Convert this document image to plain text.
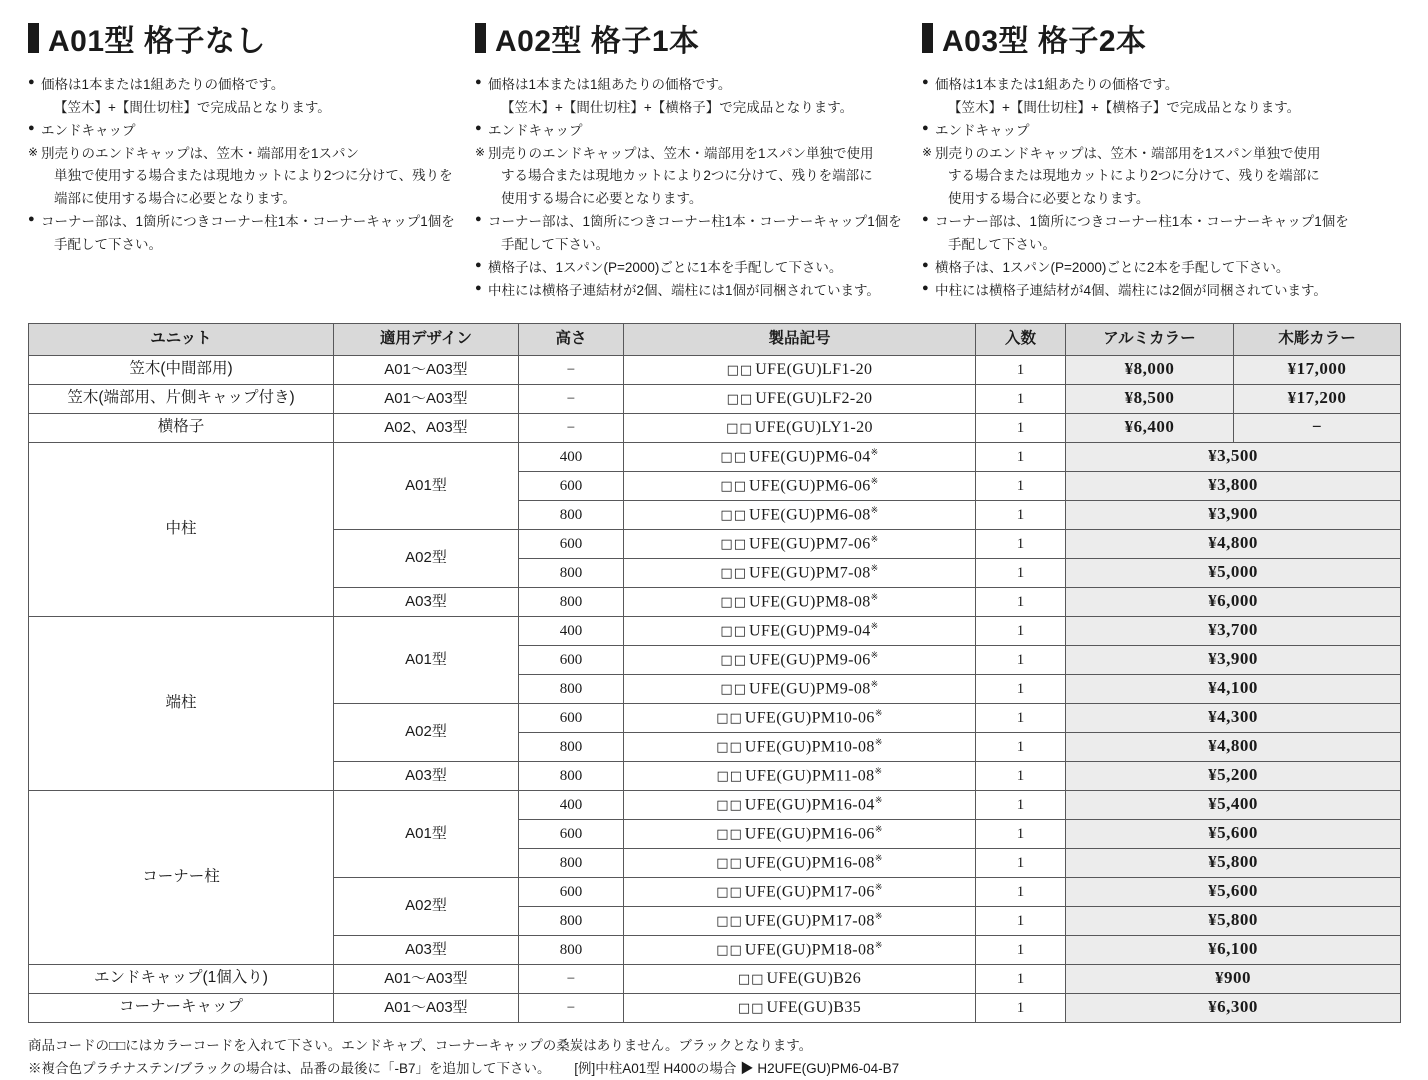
A01型 格子なし
● 価格は1本または1組あたりの価格です。
【笠木】+【間仕切柱】で完成品となります。
● エンドキャップ
※ 別売りのエンドキャップは、笠木・端部用を1スパン
単独で使用する場合または現地カットにより2つに分けて、残りを
端部に使用する場合に必要となります。
● コーナー部は、1箇所につきコーナー柱1本・コーナーキャップ1個を
手配して下さい。
A02型 格子1本
● 価格は1本または1組あたりの価格です。
【笠木】+【間仕切柱】+【横格子】で完成品となります。
● エンドキャップ
※ 別売りのエンドキャップは、笠木・端部用を1スパン単独で使用
する場合または現地カットにより2つに分けて、残りを端部に
使用する場合に必要となります。
● コーナー部は、1箇所につきコーナー柱1本・コーナーキャップ1個を
手配して下さい。
● 横格子は、1スパン(P=2000)ごとに1本を手配して下さい。
● 中柱には横格子連結材が2個、端柱には1個が同梱されています。
A03型 格子2本
● 価格は1本または1組あたりの価格です。
【笠木】+【間仕切柱】+【横格子】で完成品となります。
● エンドキャップ
※ 別売りのエンドキャップは、笠木・端部用を1スパン単独で使用
する場合または現地カットにより2つに分けて、残りを端部に
使用する場合に必要となります。
● コーナー部は、1箇所につきコーナー柱1本・コーナーキャップ1個を
手配して下さい。
● 横格子は、1スパン(P=2000)ごとに2本を手配して下さい。
● 中柱には横格子連結材が4個、端柱には2個が同梱されています。
ユニット	適用デザイン	高さ	製品記号	入数	アルミカラー	木彫カラー
笠木(中間部用)	A01〜A03型	−	□□ UFE(GU)LF1-20	1	¥8,000	¥17,000
笠木(端部用、片側キャップ付き)	A01〜A03型	−	□□ UFE(GU)LF2-20	1	¥8,500	¥17,200
横格子	A02、A03型	−	□□ UFE(GU)LY1-20	1	¥6,400	−
中柱	A01型	400	□□ UFE(GU)PM6-04※	1	¥3,500	
		600	□□ UFE(GU)PM6-06※	1	¥3,800	
		800	□□ UFE(GU)PM6-08※	1	¥3,900	
	A02型	600	□□ UFE(GU)PM7-06※	1	¥4,800	
		800	□□ UFE(GU)PM7-08※	1	¥5,000	
	A03型	800	□□ UFE(GU)PM8-08※	1	¥6,000	
端柱	A01型	400	□□ UFE(GU)PM9-04※	1	¥3,700	
		600	□□ UFE(GU)PM9-06※	1	¥3,900	
		800	□□ UFE(GU)PM9-08※	1	¥4,100	
	A02型	600	□□ UFE(GU)PM10-06※	1	¥4,300	
		800	□□ UFE(GU)PM10-08※	1	¥4,800	
	A03型	800	□□ UFE(GU)PM11-08※	1	¥5,200	
コーナー柱	A01型	400	□□ UFE(GU)PM16-04※	1	¥5,400	
		600	□□ UFE(GU)PM16-06※	1	¥5,600	
		800	□□ UFE(GU)PM16-08※	1	¥5,800	
	A02型	600	□□ UFE(GU)PM17-06※	1	¥5,600	
		800	□□ UFE(GU)PM17-08※	1	¥5,800	
	A03型	800	□□ UFE(GU)PM18-08※	1	¥6,100	
エンドキャップ(1個入り)	A01〜A03型	−	□□ UFE(GU)B26	1	¥900	
コーナーキャップ	A01〜A03型	−	□□ UFE(GU)B35	1	¥6,300	
商品コードの□□にはカラーコードを入れて下さい。エンドキャプ、コーナーキャップの桑炭はありません。ブラックとなります。
※複合色プラチナステン/ブラックの場合は、品番の最後に「-B7」を追加して下さい。 [例]中柱A01型 H400の場合 ▶ H2UFE(GU)PM6-04-B7
